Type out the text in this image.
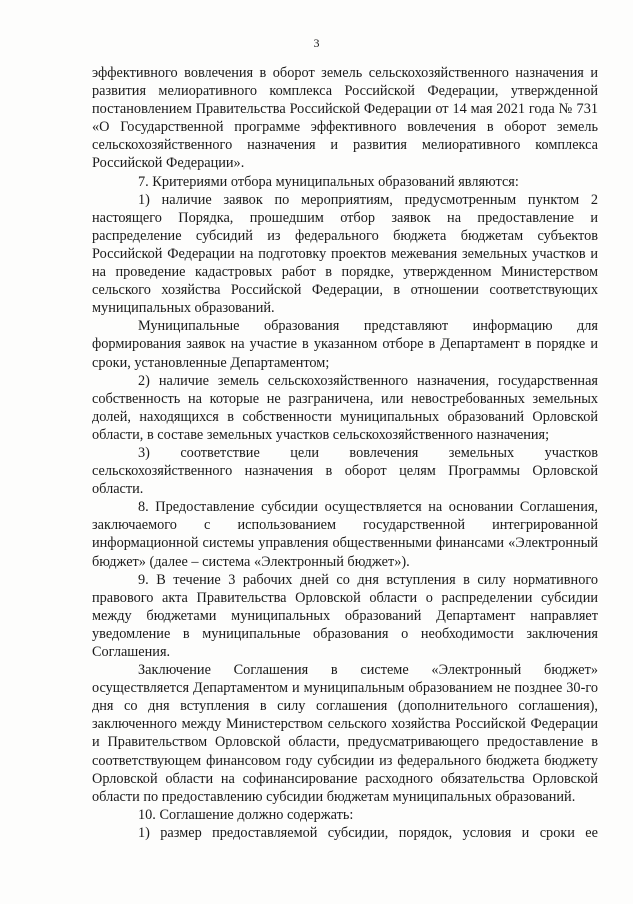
3

эффективного вовлечения в оборот земель сельскохозяйственного назначения и развития мелиоративного комплекса Российской Федерации, утвержденной постановлением Правительства Российской Федерации от 14 мая 2021 года № 731 «О Государственной программе эффективного вовлечения в оборот земель сельскохозяйственного назначения и развития мелиоративного комплекса Российской Федерации».

7. Критериями отбора муниципальных образований являются:

1) наличие заявок по мероприятиям, предусмотренным пунктом 2 настоящего Порядка, прошедшим отбор заявок на предоставление и распределение субсидий из федерального бюджета бюджетам субъектов Российской Федерации на подготовку проектов межевания земельных участков и на проведение кадастровых работ в порядке, утвержденном Министерством сельского хозяйства Российской Федерации, в отношении соответствующих муниципальных образований.

Муниципальные образования представляют информацию для формирования заявок на участие в указанном отборе в Департамент в порядке и сроки, установленные Департаментом;

2) наличие земель сельскохозяйственного назначения, государственная собственность на которые не разграничена, или невостребованных земельных долей, находящихся в собственности муниципальных образований Орловской области, в составе земельных участков сельскохозяйственного назначения;

3) соответствие цели вовлечения земельных участков сельскохозяйственного назначения в оборот целям Программы Орловской области.

8. Предоставление субсидии осуществляется на основании Соглашения, заключаемого с использованием государственной интегрированной информационной системы управления общественными финансами «Электронный бюджет» (далее – система «Электронный бюджет»).

9. В течение 3 рабочих дней со дня вступления в силу нормативного правового акта Правительства Орловской области о распределении субсидии между бюджетами муниципальных образований Департамент направляет уведомление в муниципальные образования о необходимости заключения Соглашения.

Заключение Соглашения в системе «Электронный бюджет» осуществляется Департаментом и муниципальным образованием не позднее 30-го дня со дня вступления в силу соглашения (дополнительного соглашения), заключенного между Министерством сельского хозяйства Российской Федерации и Правительством Орловской области, предусматривающего предоставление в соответствующем финансовом году субсидии из федерального бюджета бюджету Орловской области на софинансирование расходного обязательства Орловской области по предоставлению субсидии бюджетам муниципальных образований.

10. Соглашение должно содержать:

1) размер предоставляемой субсидии, порядок, условия и сроки ее
